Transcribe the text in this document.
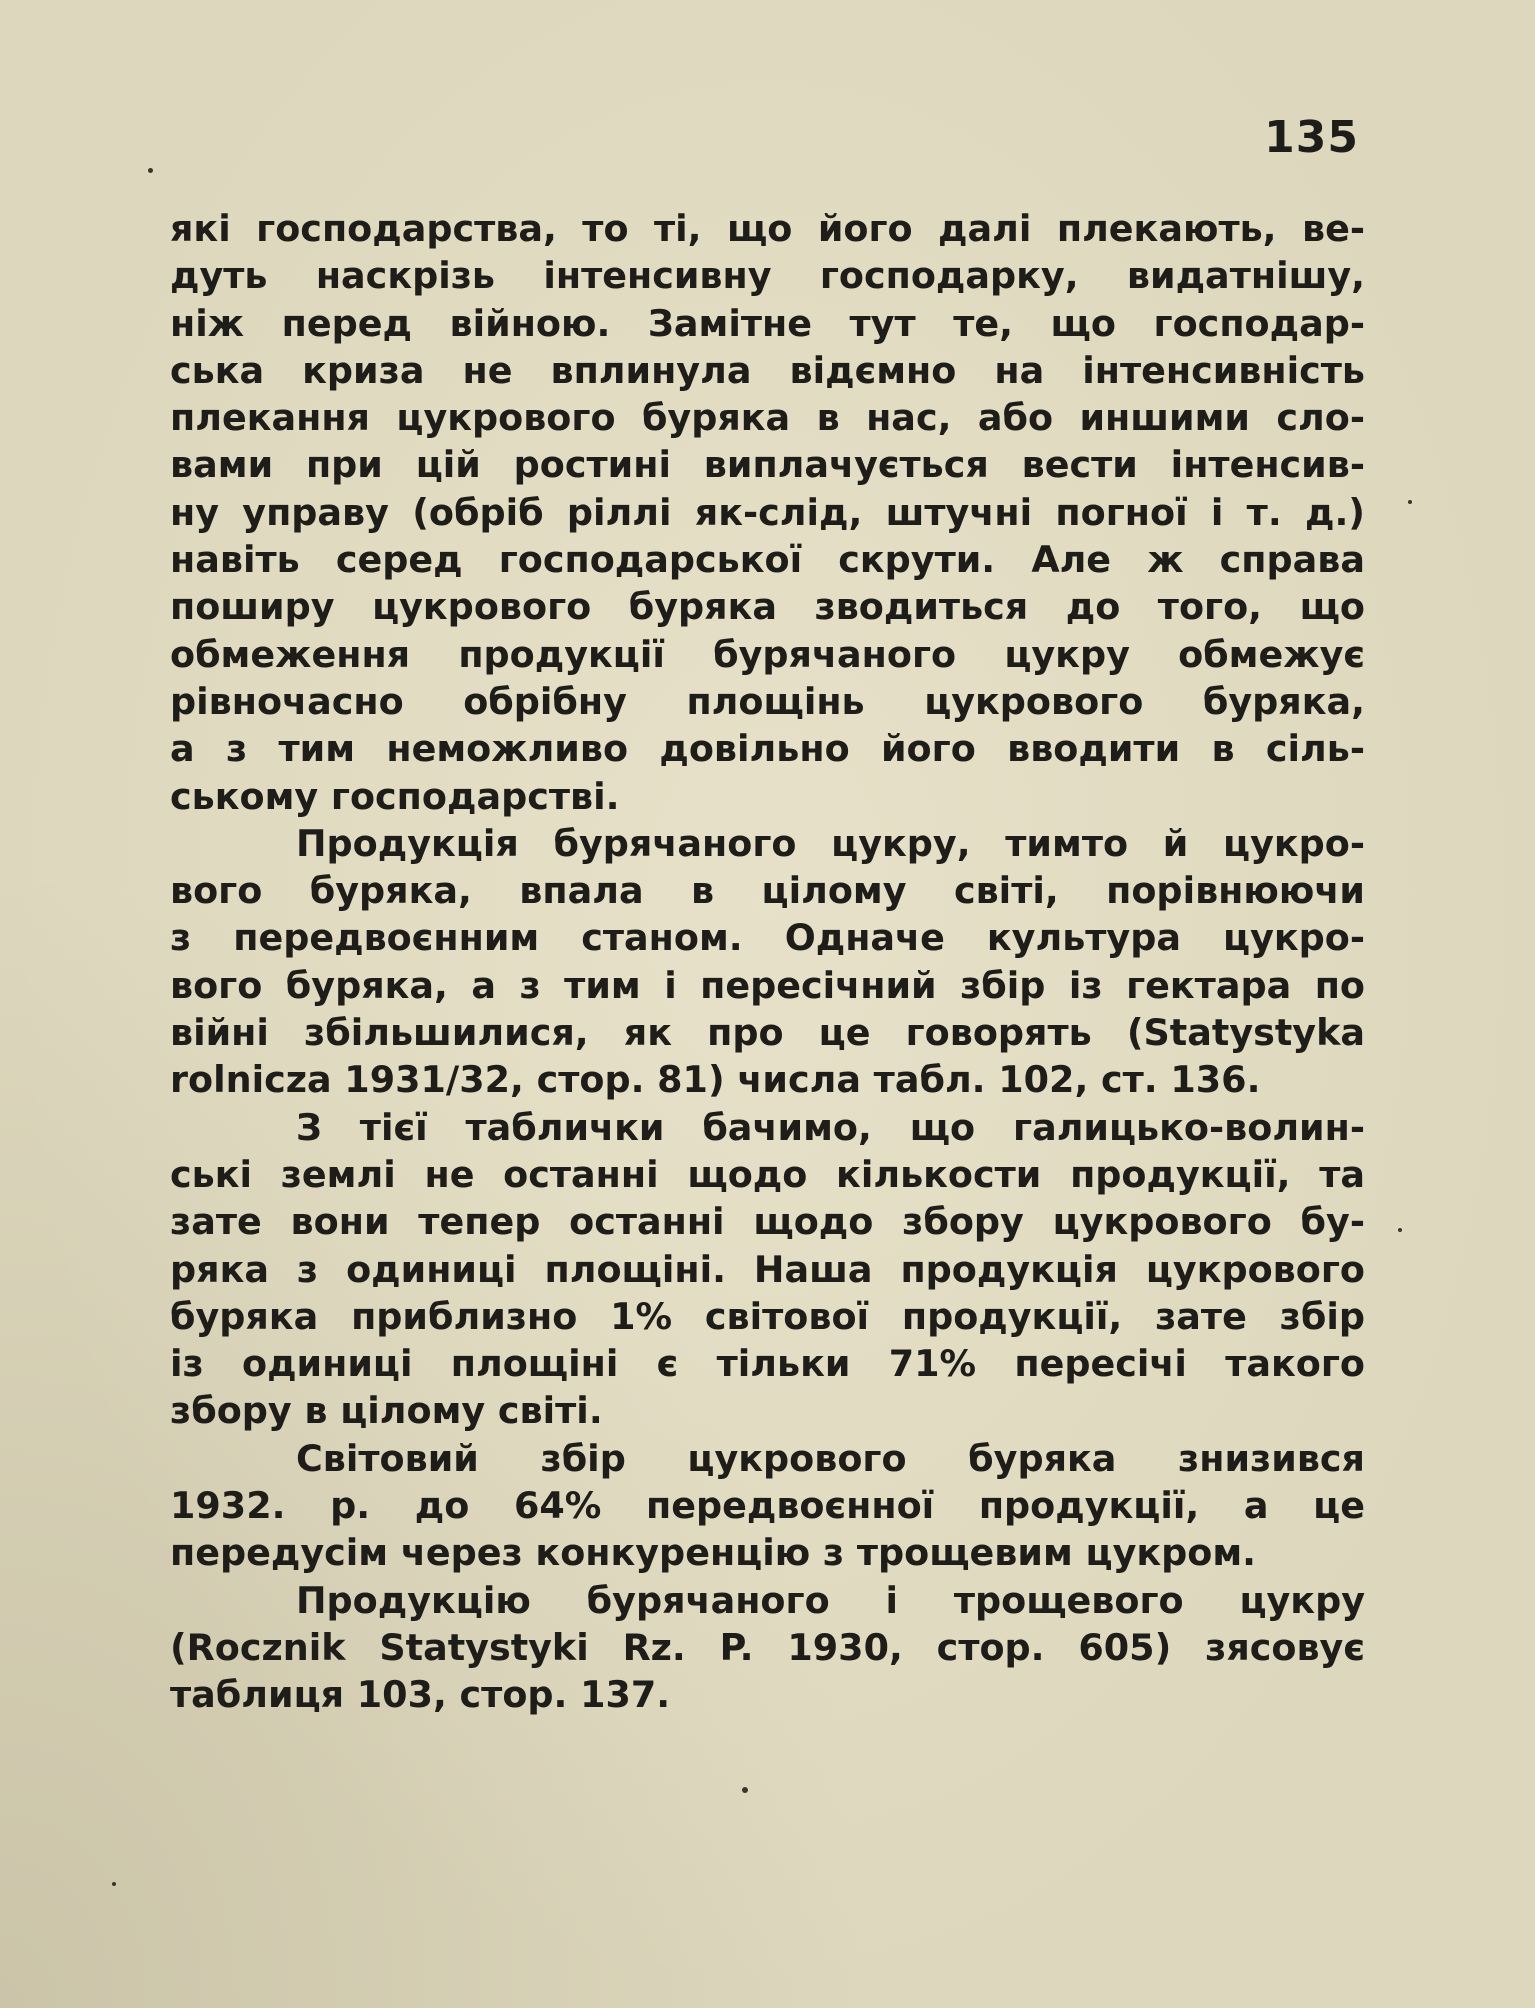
135
які господарства, то ті, що його далі плекають, ве-
дуть наскрізь інтенсивну господарку, видатнішу,
ніж перед війною. Замітне тут те, що господар-
ська криза не вплинула відємно на інтенсивність
плекання цукрового буряка в нас, або иншими сло-
вами при цій ростині виплачується вести інтенсив-
ну управу (обріб ріллі як-слід, штучні погної і т. д.)
навіть серед господарської скрути. Але ж справа
поширу цукрового буряка зводиться до того, що
обмеження продукції бурячаного цукру обмежує
рівночасно обрібну площінь цукрового буряка,
а з тим неможливо довільно його вводити в сіль-
ському господарстві.
Продукція бурячаного цукру, тимто й цукро-
вого буряка, впала в цілому світі, порівнюючи
з передвоєнним станом. Одначе культура цукро-
вого буряка, а з тим і пересічний збір із гектара по
війні збільшилися, як про це говорять (Statystyka
rolnicza 1931/32, стор. 81) числа табл. 102, ст. 136.
З тієї таблички бачимо, що галицько-волин-
ські землі не останні щодо кількости продукції, та
зате вони тепер останні щодо збору цукрового бу-
ряка з одиниці площіні. Наша продукція цукрового
буряка приблизно 1% світової продукції, зате збір
із одиниці площіні є тільки 71% пересічі такого
збору в цілому світі.
Світовий збір цукрового буряка знизився
1932. р. до 64% передвоєнної продукції, а це
передусім через конкуренцію з трощевим цукром.
Продукцію бурячаного і трощевого цукру
(Rocznik Statystyki Rz. P. 1930, стор. 605) зясовує
таблиця 103, стор. 137.
